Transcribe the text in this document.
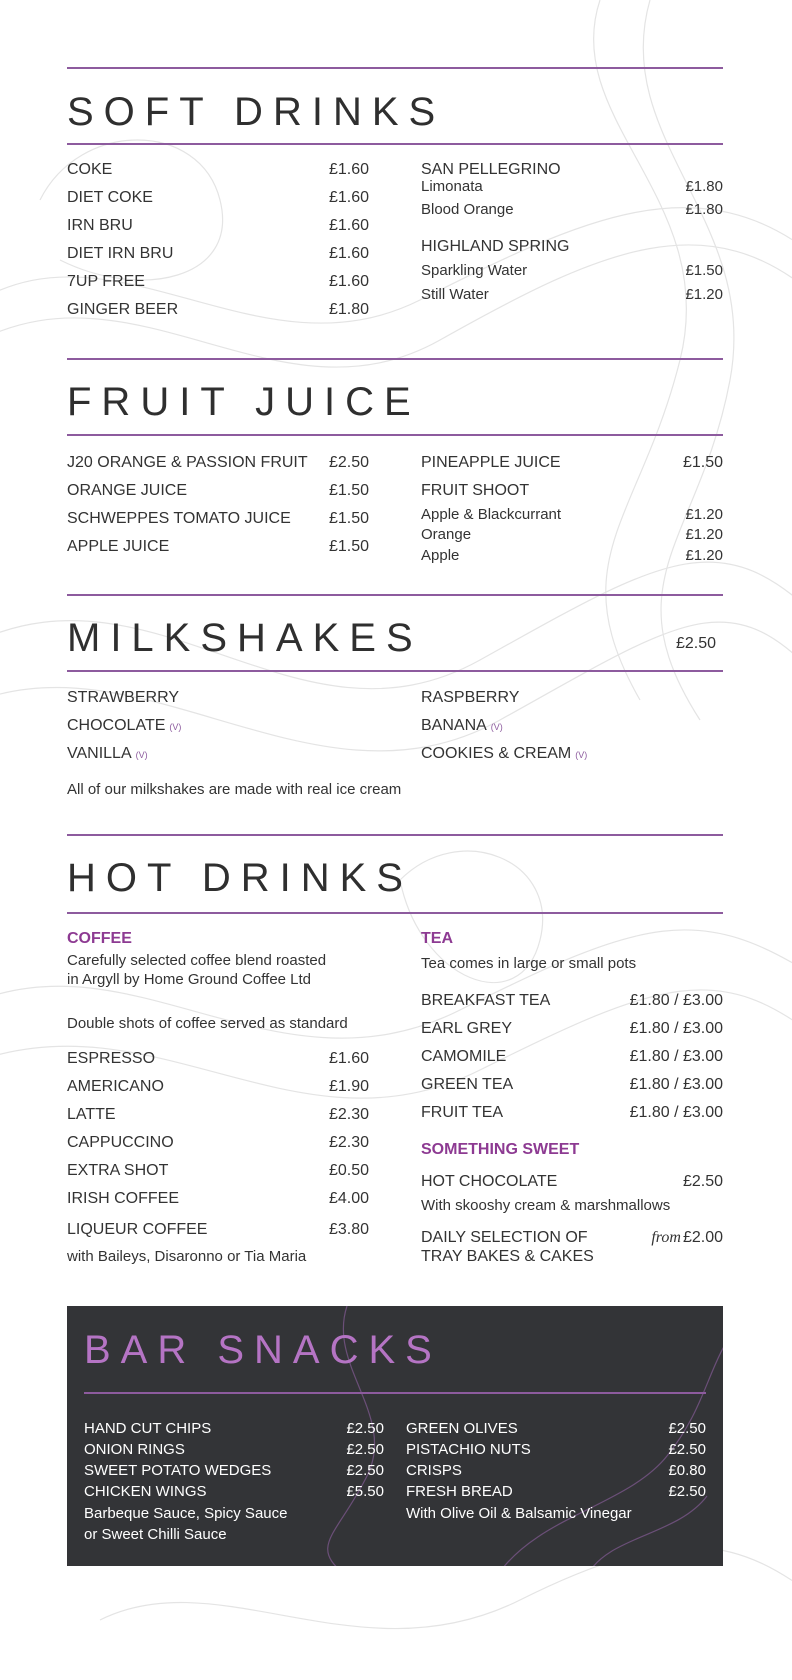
SOFT DRINKS
COKE	£1.60
DIET COKE	£1.60
IRN BRU	£1.60
DIET IRN BRU	£1.60
7UP FREE	£1.60
GINGER BEER	£1.80
SAN PELLEGRINO
Limonata	£1.80
Blood Orange	£1.80
HIGHLAND SPRING
Sparkling Water	£1.50
Still Water	£1.20
FRUIT JUICE
J20 ORANGE & PASSION FRUIT £2.50
ORANGE JUICE	£1.50
SCHWEPPES TOMATO JUICE £1.50
APPLE JUICE	£1.50
PINEAPPLE JUICE	£1.50
FRUIT SHOOT
Apple & Blackcurrant	£1.20
Orange	£1.20
Apple	£1.20
MILKSHAKES	£2.50
STRAWBERRY
CHOCOLATE (V)
VANILLA (V)
RASPBERRY
BANANA (V)
COOKIES & CREAM (V)
All of our milkshakes are made with real ice cream
HOT DRINKS
COFFEE
Carefully selected coffee blend roasted
in Argyll by Home Ground Coffee Ltd
Double shots of coffee served as standard
ESPRESSO	£1.60
AMERICANO	£1.90
LATTE	£2.30
CAPPUCCINO	£2.30
EXTRA SHOT	£0.50
IRISH COFFEE	£4.00
LIQUEUR COFFEE	£3.80
with Baileys, Disaronno or Tia Maria
TEA
Tea comes in large or small pots
BREAKFAST TEA	£1.80 / £3.00
EARL GREY	£1.80 / £3.00
CAMOMILE	£1.80 / £3.00
GREEN TEA	£1.80 / £3.00
FRUIT TEA	£1.80 / £3.00
SOMETHING SWEET
HOT CHOCOLATE	£2.50
With skooshy cream & marshmallows
DAILY SELECTION OF
TRAY BAKES & CAKES
from £2.00
BAR SNACKS
HAND CUT CHIPS	£2.50
ONION RINGS	£2.50
SWEET POTATO WEDGES	£2.50
CHICKEN WINGS	£5.50
Barbeque Sauce, Spicy Sauce
or Sweet Chilli Sauce
GREEN OLIVES	£2.50
PISTACHIO NUTS	£2.50
CRISPS	£0.80
FRESH BREAD	£2.50
With Olive Oil & Balsamic Vinegar
